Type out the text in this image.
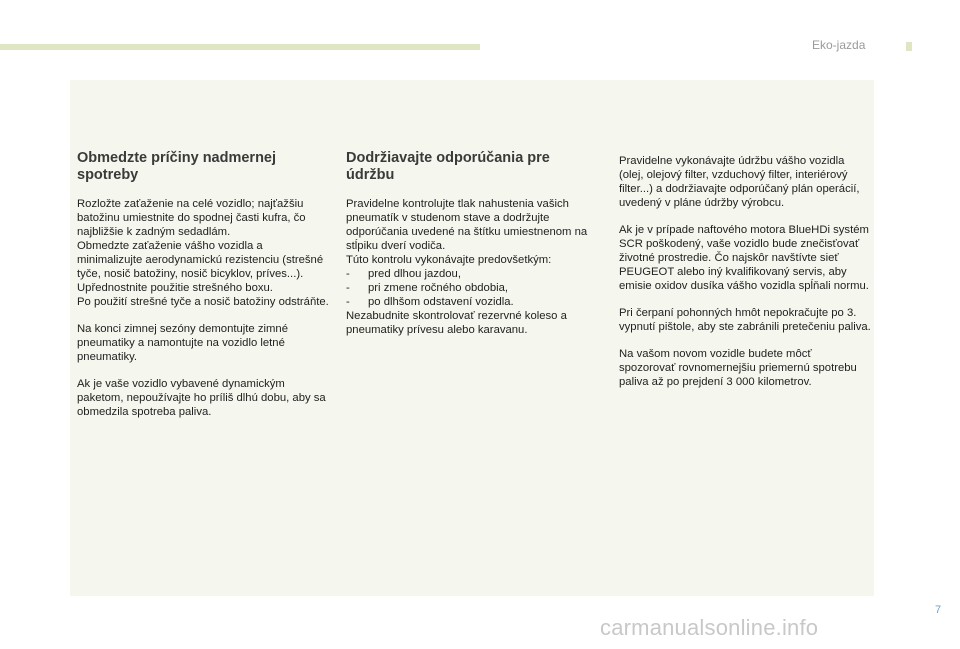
Eko-jazda
Obmedzte príčiny nadmernej spotreby

Rozložte zaťaženie na celé vozidlo; najťažšiu batožinu umiestnite do spodnej časti kufra, čo najbližšie k zadným sedadlám.
Obmedzte zaťaženie vášho vozidla a minimalizujte aerodynamickú rezistenciu (strešné tyče, nosič batožiny, nosič bicyklov, príves...). Upřednostnite použitie strešného boxu.
Po použití strešné tyče a nosič batožiny odstráňte.

Na konci zimnej sezóny demontujte zimné pneumatiky a namontujte na vozidlo letné pneumatiky.

Ak je vaše vozidlo vybavené dynamickým paketom, nepoužívajte ho príliš dlhú dobu, aby sa obmedzila spotreba paliva.

Dodržiavajte odporúčania pre údržbu
Pravidelne kontrolujte tlak nahustenia vašich pneumatík v studenom stave a dodržujte odporúčania uvedené na štítku umiestnenom na stĺpiku dverí vodiča.
Túto kontrolu vykonávajte predovšetkým:
- pred dlhou jazdou,
- pri zmene ročného obdobia,
- po dlhšom odstavení vozidla.
Nezabudnite skontrolovať rezervné koleso a pneumatiky prívesu alebo karavanu.

Pravidelne vykonávajte údržbu vášho vozidla (olej, olejový filter, vzduchový filter, interiérový filter...) a dodržiavajte odporúčaný plán operácií, uvedený v pláne údržby výrobcu.

Ak je v prípade naftového motora BlueHDi systém SCR poškodený, vaše vozidlo bude znečisťovať životné prostredie. Čo najskôr navštívte sieť PEUGEOT alebo iný kvalifikovaný servis, aby emisie oxidov dusíka vášho vozidla spĺňali normu.

Pri čerpaní pohonných hmôt nepokračujte po 3. vypnutí pištole, aby ste zabránili pretečeniu paliva.

Na vašom novom vozidle budete môcť spozorovať rovnomernejšiu priemernú spotrebu paliva až po prejdení 3 000 kilometrov.

7
carmanualsonline.info
